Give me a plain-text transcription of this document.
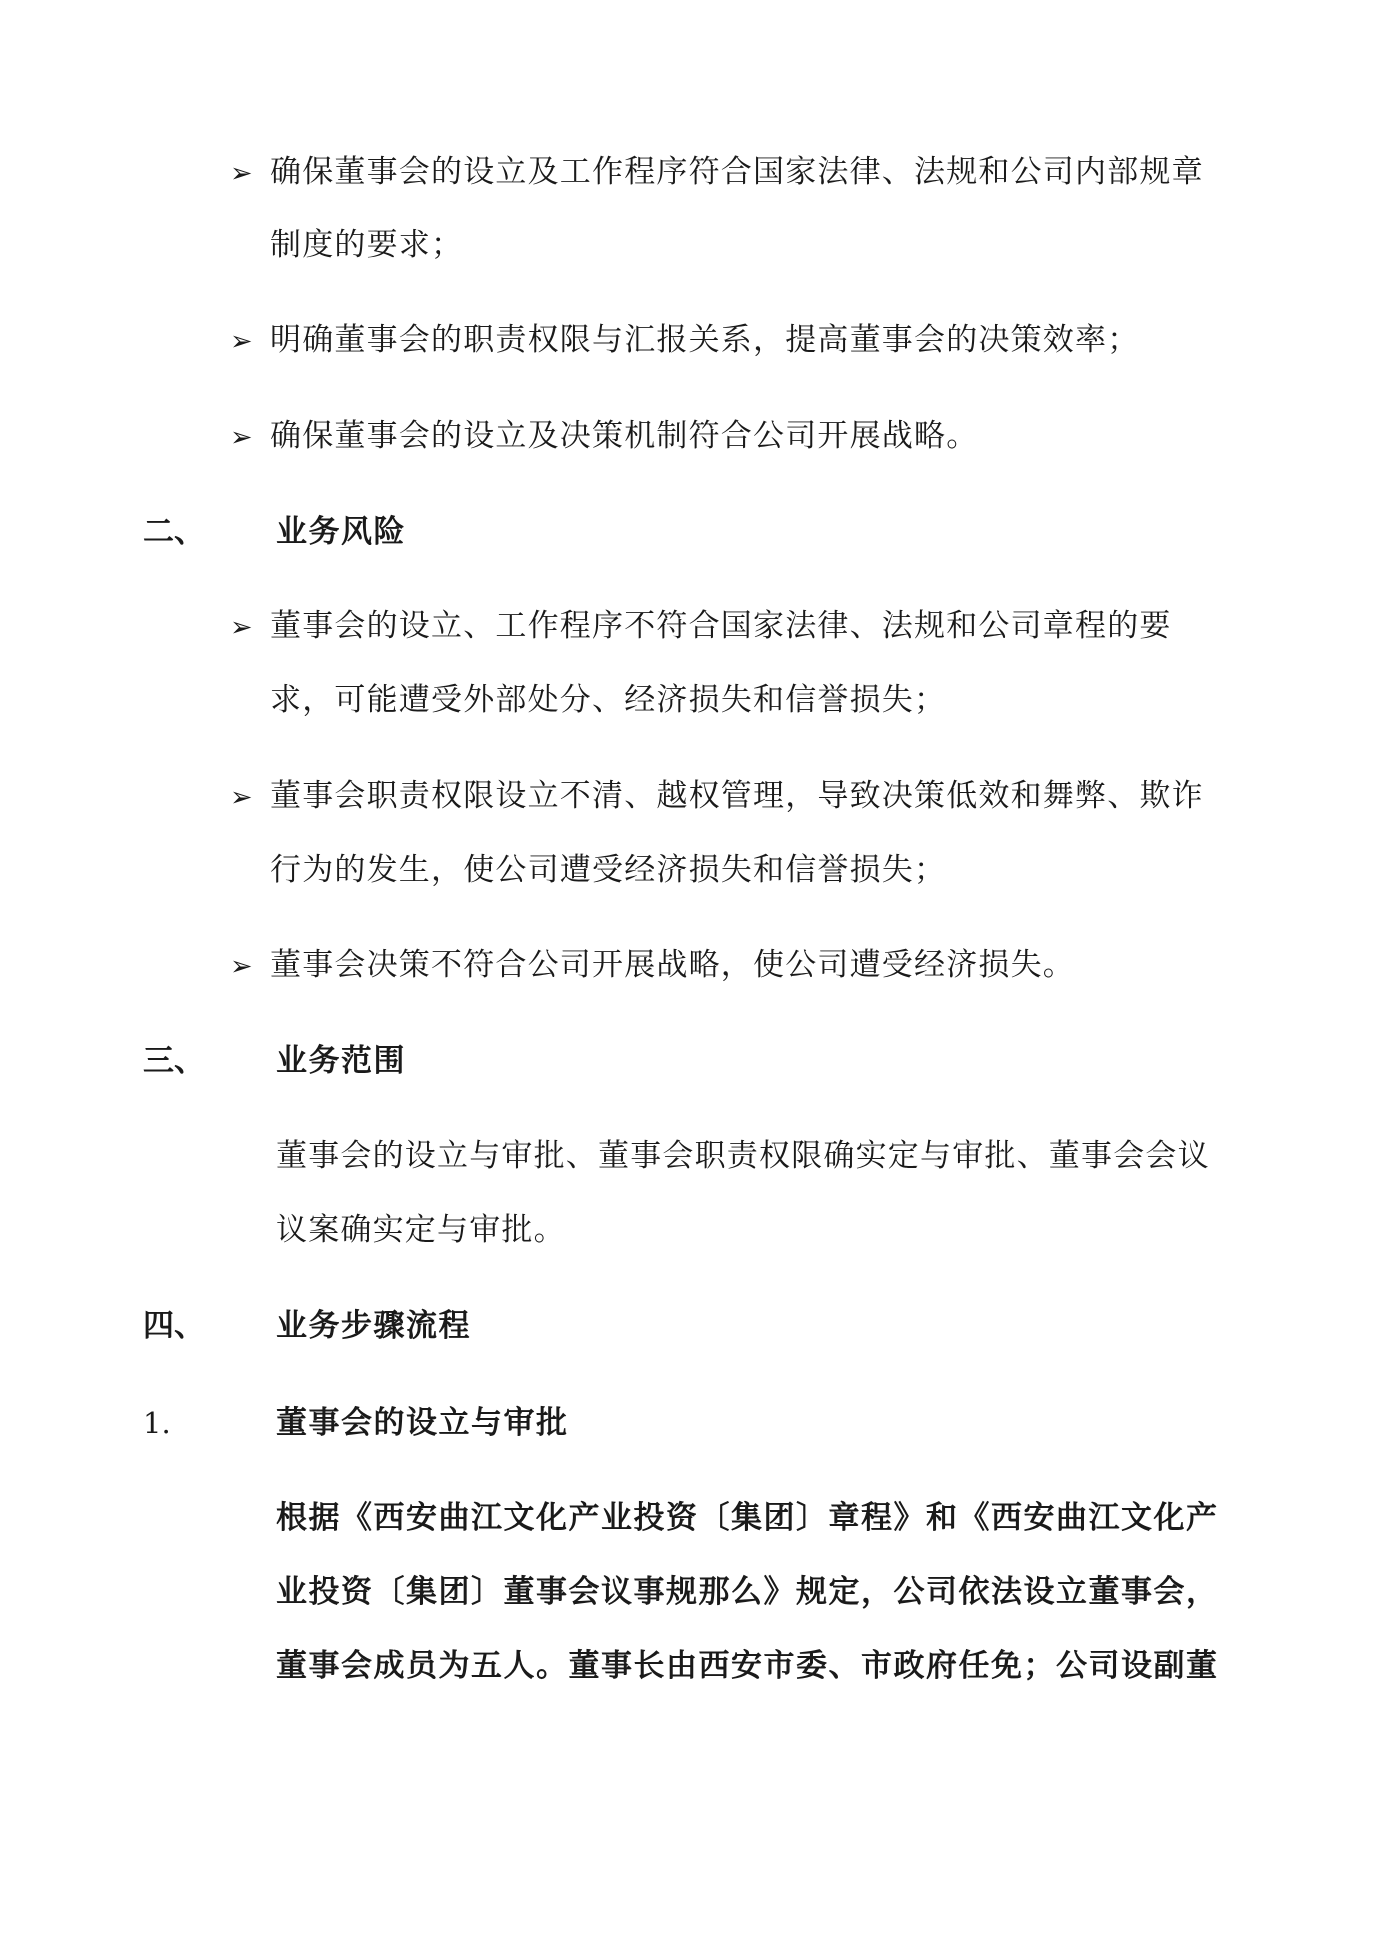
➢ 确保董事会的设立及工作程序符合国家法律、法规和公司内部规章
制度的要求；
➢ 明确董事会的职责权限与汇报关系，提高董事会的决策效率；
➢ 确保董事会的设立及决策机制符合公司开展战略。
二、 业务风险
➢ 董事会的设立、工作程序不符合国家法律、法规和公司章程的要
求，可能遭受外部处分、经济损失和信誉损失；
➢ 董事会职责权限设立不清、越权管理，导致决策低效和舞弊、欺诈
行为的发生，使公司遭受经济损失和信誉损失；
➢ 董事会决策不符合公司开展战略，使公司遭受经济损失。
三、 业务范围
董事会的设立与审批、董事会职责权限确实定与审批、董事会会议
议案确实定与审批。
四、 业务步骤流程
1.	董事会的设立与审批
根据《西安曲江文化产业投资〔集团〕章程》和《西安曲江文化产
业投资〔集团〕董事会议事规那么》规定，公司依法设立董事会，
董事会成员为五人。董事长由西安市委、市政府任免；公司设副董
